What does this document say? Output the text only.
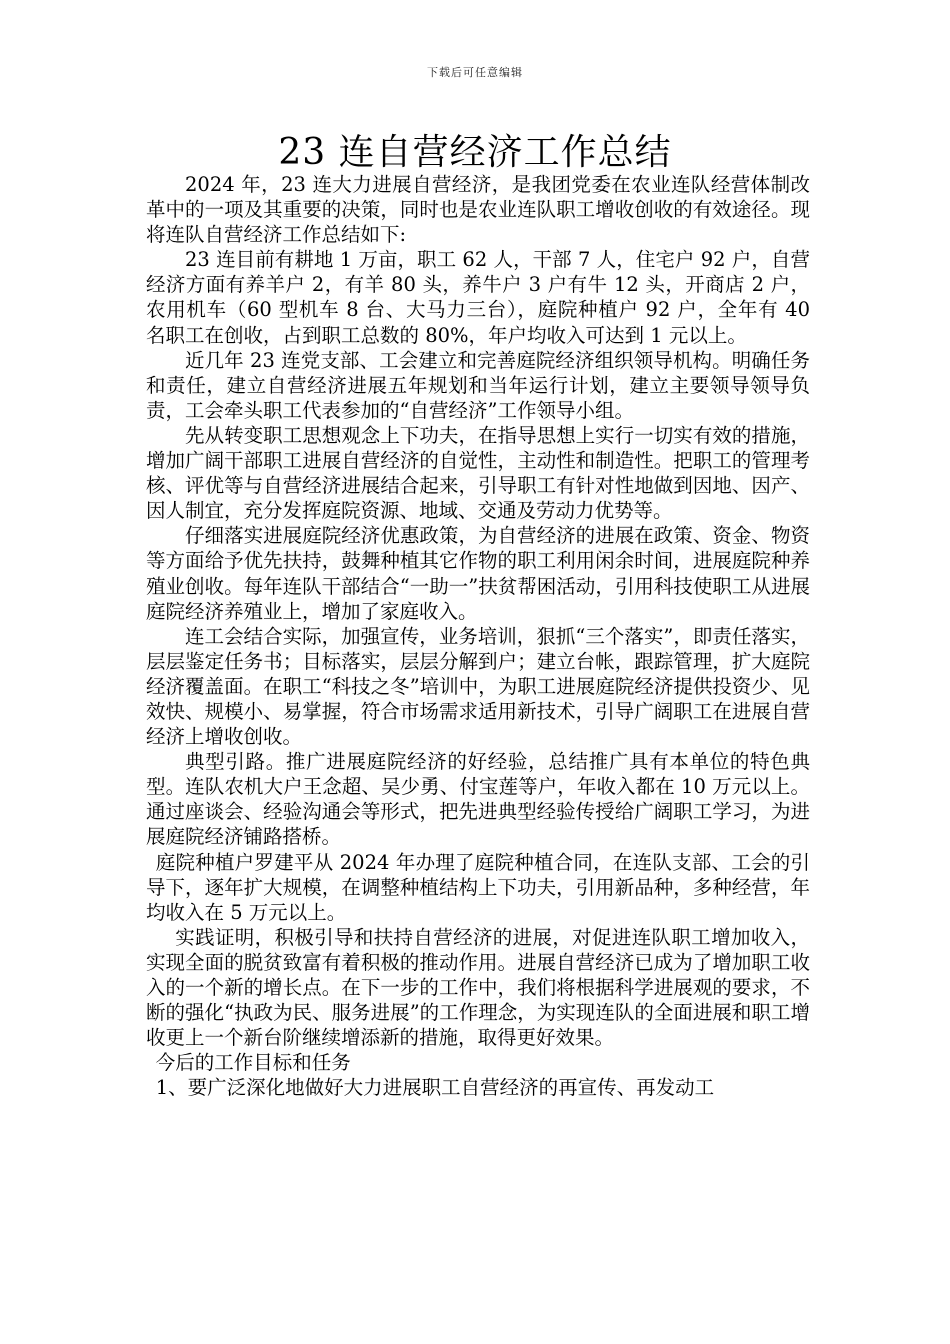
下载后可任意编辑
23 连自营经济工作总结

2024 年，23 连大力进展自营经济，是我团党委在农业连队经营体制改革中的一项及其重要的决策，同时也是农业连队职工增收创收的有效途径。现将连队自营经济工作总结如下:

23 连目前有耕地 1 万亩，职工 62 人，干部 7 人，住宅户 92 户，自营经济方面有养羊户 2，有羊 80 头，养牛户 3 户有牛 12 头，开商店 2 户，农用机车（60 型机车 8 台、大马力三台），庭院种植户 92 户，全年有 40 名职工在创收，占到职工总数的 80%，年户均收入可达到 1 元以上。

近几年 23 连党支部、工会建立和完善庭院经济组织领导机构。明确任务和责任，建立自营经济进展五年规划和当年运行计划，建立主要领导领导负责，工会牵头职工代表参加的“自营经济”工作领导小组。

先从转变职工思想观念上下功夫，在指导思想上实行一切实有效的措施，增加广阔干部职工进展自营经济的自觉性，主动性和制造性。把职工的管理考核、评优等与自营经济进展结合起来，引导职工有针对性地做到因地、因产、因人制宜，充分发挥庭院资源、地域、交通及劳动力优势等。

仔细落实进展庭院经济优惠政策，为自营经济的进展在政策、资金、物资等方面给予优先扶持，鼓舞种植其它作物的职工利用闲余时间，进展庭院种养殖业创收。每年连队干部结合“一助一”扶贫帮困活动，引用科技使职工从进展庭院经济养殖业上，增加了家庭收入。

连工会结合实际，加强宣传，业务培训，狠抓“三个落实”，即责任落实，层层鉴定任务书；目标落实，层层分解到户；建立台帐，跟踪管理，扩大庭院经济覆盖面。在职工“科技之冬”培训中，为职工进展庭院经济提供投资少、见效快、规模小、易掌握，符合市场需求适用新技术，引导广阔职工在进展自营经济上增收创收。

典型引路。推广进展庭院经济的好经验，总结推广具有本单位的特色典型。连队农机大户王念超、吴少勇、付宝莲等户，年收入都在 10 万元以上。通过座谈会、经验沟通会等形式，把先进典型经验传授给广阔职工学习，为进展庭院经济铺路搭桥。

庭院种植户罗建平从 2024 年办理了庭院种植合同，在连队支部、工会的引导下，逐年扩大规模，在调整种植结构上下功夫，引用新品种，多种经营，年均收入在 5 万元以上。

实践证明，积极引导和扶持自营经济的进展，对促进连队职工增加收入，实现全面的脱贫致富有着积极的推动作用。进展自营经济已成为了增加职工收入的一个新的增长点。在下一步的工作中，我们将根据科学进展观的要求，不断的强化“执政为民、服务进展”的工作理念，为实现连队的全面进展和职工增收更上一个新台阶继续增添新的措施，取得更好效果。

今后的工作目标和任务

1、要广泛深化地做好大力进展职工自营经济的再宣传、再发动工
